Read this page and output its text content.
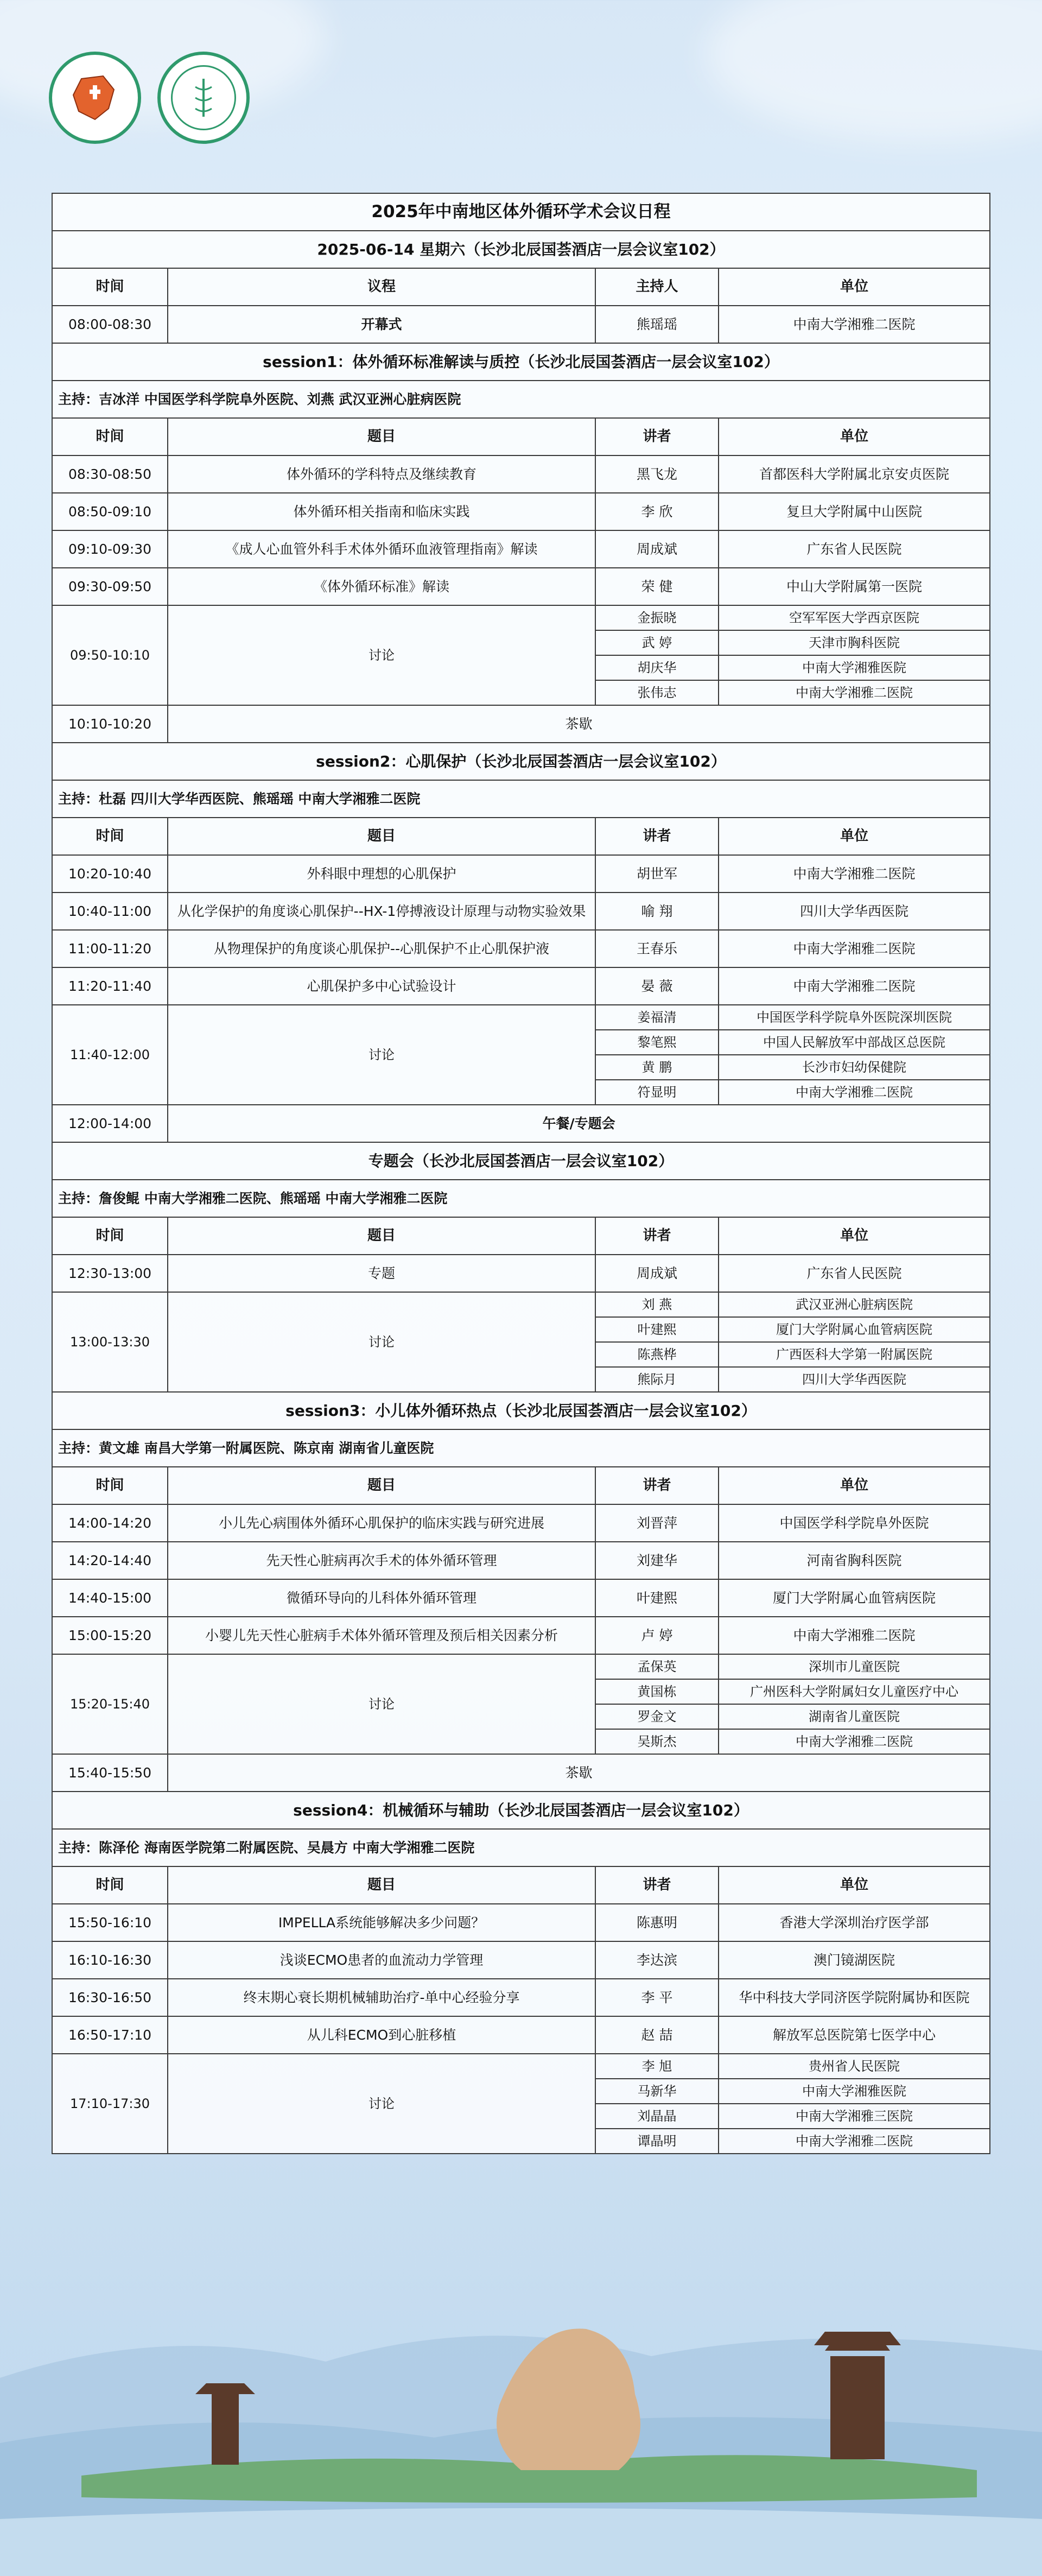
2025年中南地区体外循环学术会议日程			
2025-06-14 星期六（长沙北辰国荟酒店一层会议室102）			
时间	议程	主持人	单位
08:00-08:30	开幕式	熊瑶瑶	中南大学湘雅二医院
session1：体外循环标准解读与质控（长沙北辰国荟酒店一层会议室102）			
主持：吉冰洋 中国医学科学院阜外医院、刘燕 武汉亚洲心脏病医院			
时间	题目	讲者	单位
08:30-08:50	体外循环的学科特点及继续教育	黑飞龙	首都医科大学附属北京安贞医院
08:50-09:10	体外循环相关指南和临床实践	李 欣	复旦大学附属中山医院
09:10-09:30	《成人心血管外科手术体外循环血液管理指南》解读	周成斌	广东省人民医院
09:30-09:50	《体外循环标准》解读	荣 健	中山大学附属第一医院
09:50-10:10	讨论	金振晓	空军军医大学西京医院
		武 婷	天津市胸科医院
		胡庆华	中南大学湘雅医院
		张伟志	中南大学湘雅二医院
10:10-10:20	茶歇		
session2：心肌保护（长沙北辰国荟酒店一层会议室102）			
主持：杜磊 四川大学华西医院、熊瑶瑶 中南大学湘雅二医院			
时间	题目	讲者	单位
10:20-10:40	外科眼中理想的心肌保护	胡世军	中南大学湘雅二医院
10:40-11:00	从化学保护的角度谈心肌保护--HX-1停搏液设计原理与动物实验效果	喻 翔	四川大学华西医院
11:00-11:20	从物理保护的角度谈心肌保护--心肌保护不止心肌保护液	王春乐	中南大学湘雅二医院
11:20-11:40	心肌保护多中心试验设计	晏 薇	中南大学湘雅二医院
11:40-12:00	讨论	姜福清	中国医学科学院阜外医院深圳医院
		黎笔熙	中国人民解放军中部战区总医院
		黄 鹏	长沙市妇幼保健院
		符显明	中南大学湘雅二医院
12:00-14:00	午餐/专题会		
专题会（长沙北辰国荟酒店一层会议室102）			
主持：詹俊鲲 中南大学湘雅二医院、熊瑶瑶 中南大学湘雅二医院			
时间	题目	讲者	单位
12:30-13:00	专题	周成斌	广东省人民医院
13:00-13:30	讨论	刘 燕	武汉亚洲心脏病医院
		叶建熙	厦门大学附属心血管病医院
		陈燕桦	广西医科大学第一附属医院
		熊际月	四川大学华西医院
session3：小儿体外循环热点（长沙北辰国荟酒店一层会议室102）			
主持：黄文雄 南昌大学第一附属医院、陈京南 湖南省儿童医院			
时间	题目	讲者	单位
14:00-14:20	小儿先心病围体外循环心肌保护的临床实践与研究进展	刘晋萍	中国医学科学院阜外医院
14:20-14:40	先天性心脏病再次手术的体外循环管理	刘建华	河南省胸科医院
14:40-15:00	微循环导向的儿科体外循环管理	叶建熙	厦门大学附属心血管病医院
15:00-15:20	小婴儿先天性心脏病手术体外循环管理及预后相关因素分析	卢 婷	中南大学湘雅二医院
15:20-15:40	讨论	孟保英	深圳市儿童医院
		黄国栋	广州医科大学附属妇女儿童医疗中心
		罗金文	湖南省儿童医院
		吴斯杰	中南大学湘雅二医院
15:40-15:50	茶歇		
session4：机械循环与辅助（长沙北辰国荟酒店一层会议室102）			
主持：陈泽伦 海南医学院第二附属医院、吴晨方 中南大学湘雅二医院			
时间	题目	讲者	单位
15:50-16:10	IMPELLA系统能够解决多少问题？	陈惠明	香港大学深圳治疗医学部
16:10-16:30	浅谈ECMO患者的血流动力学管理	李达滨	澳门镜湖医院
16:30-16:50	终末期心衰长期机械辅助治疗-单中心经验分享	李 平	华中科技大学同济医学院附属协和医院
16:50-17:10	从儿科ECMO到心脏移植	赵 喆	解放军总医院第七医学中心
17:10-17:30	讨论	李 旭	贵州省人民医院
		马新华	中南大学湘雅医院
		刘晶晶	中南大学湘雅三医院
		谭晶明	中南大学湘雅二医院
